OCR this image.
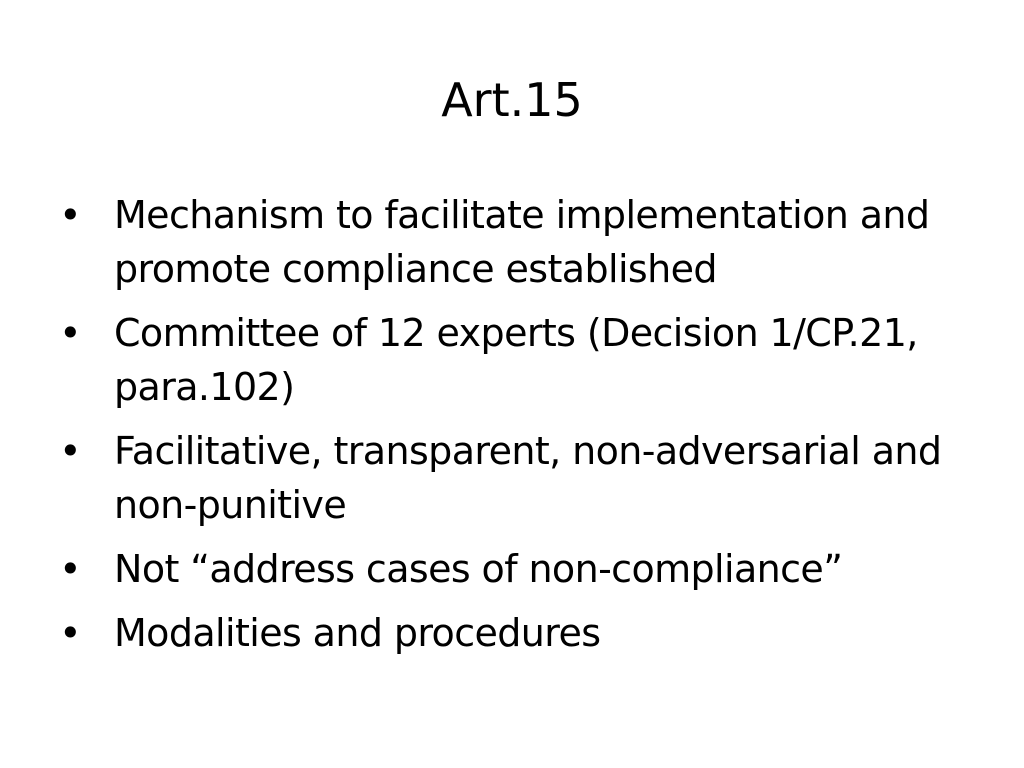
Art.15
• Mechanism to facilitate implementation and promote compliance established
• Committee of 12 experts (Decision 1/CP.21, para.102)
• Facilitative, transparent, non-adversarial and non-punitive
• Not “address cases of non-compliance”
• Modalities and procedures
